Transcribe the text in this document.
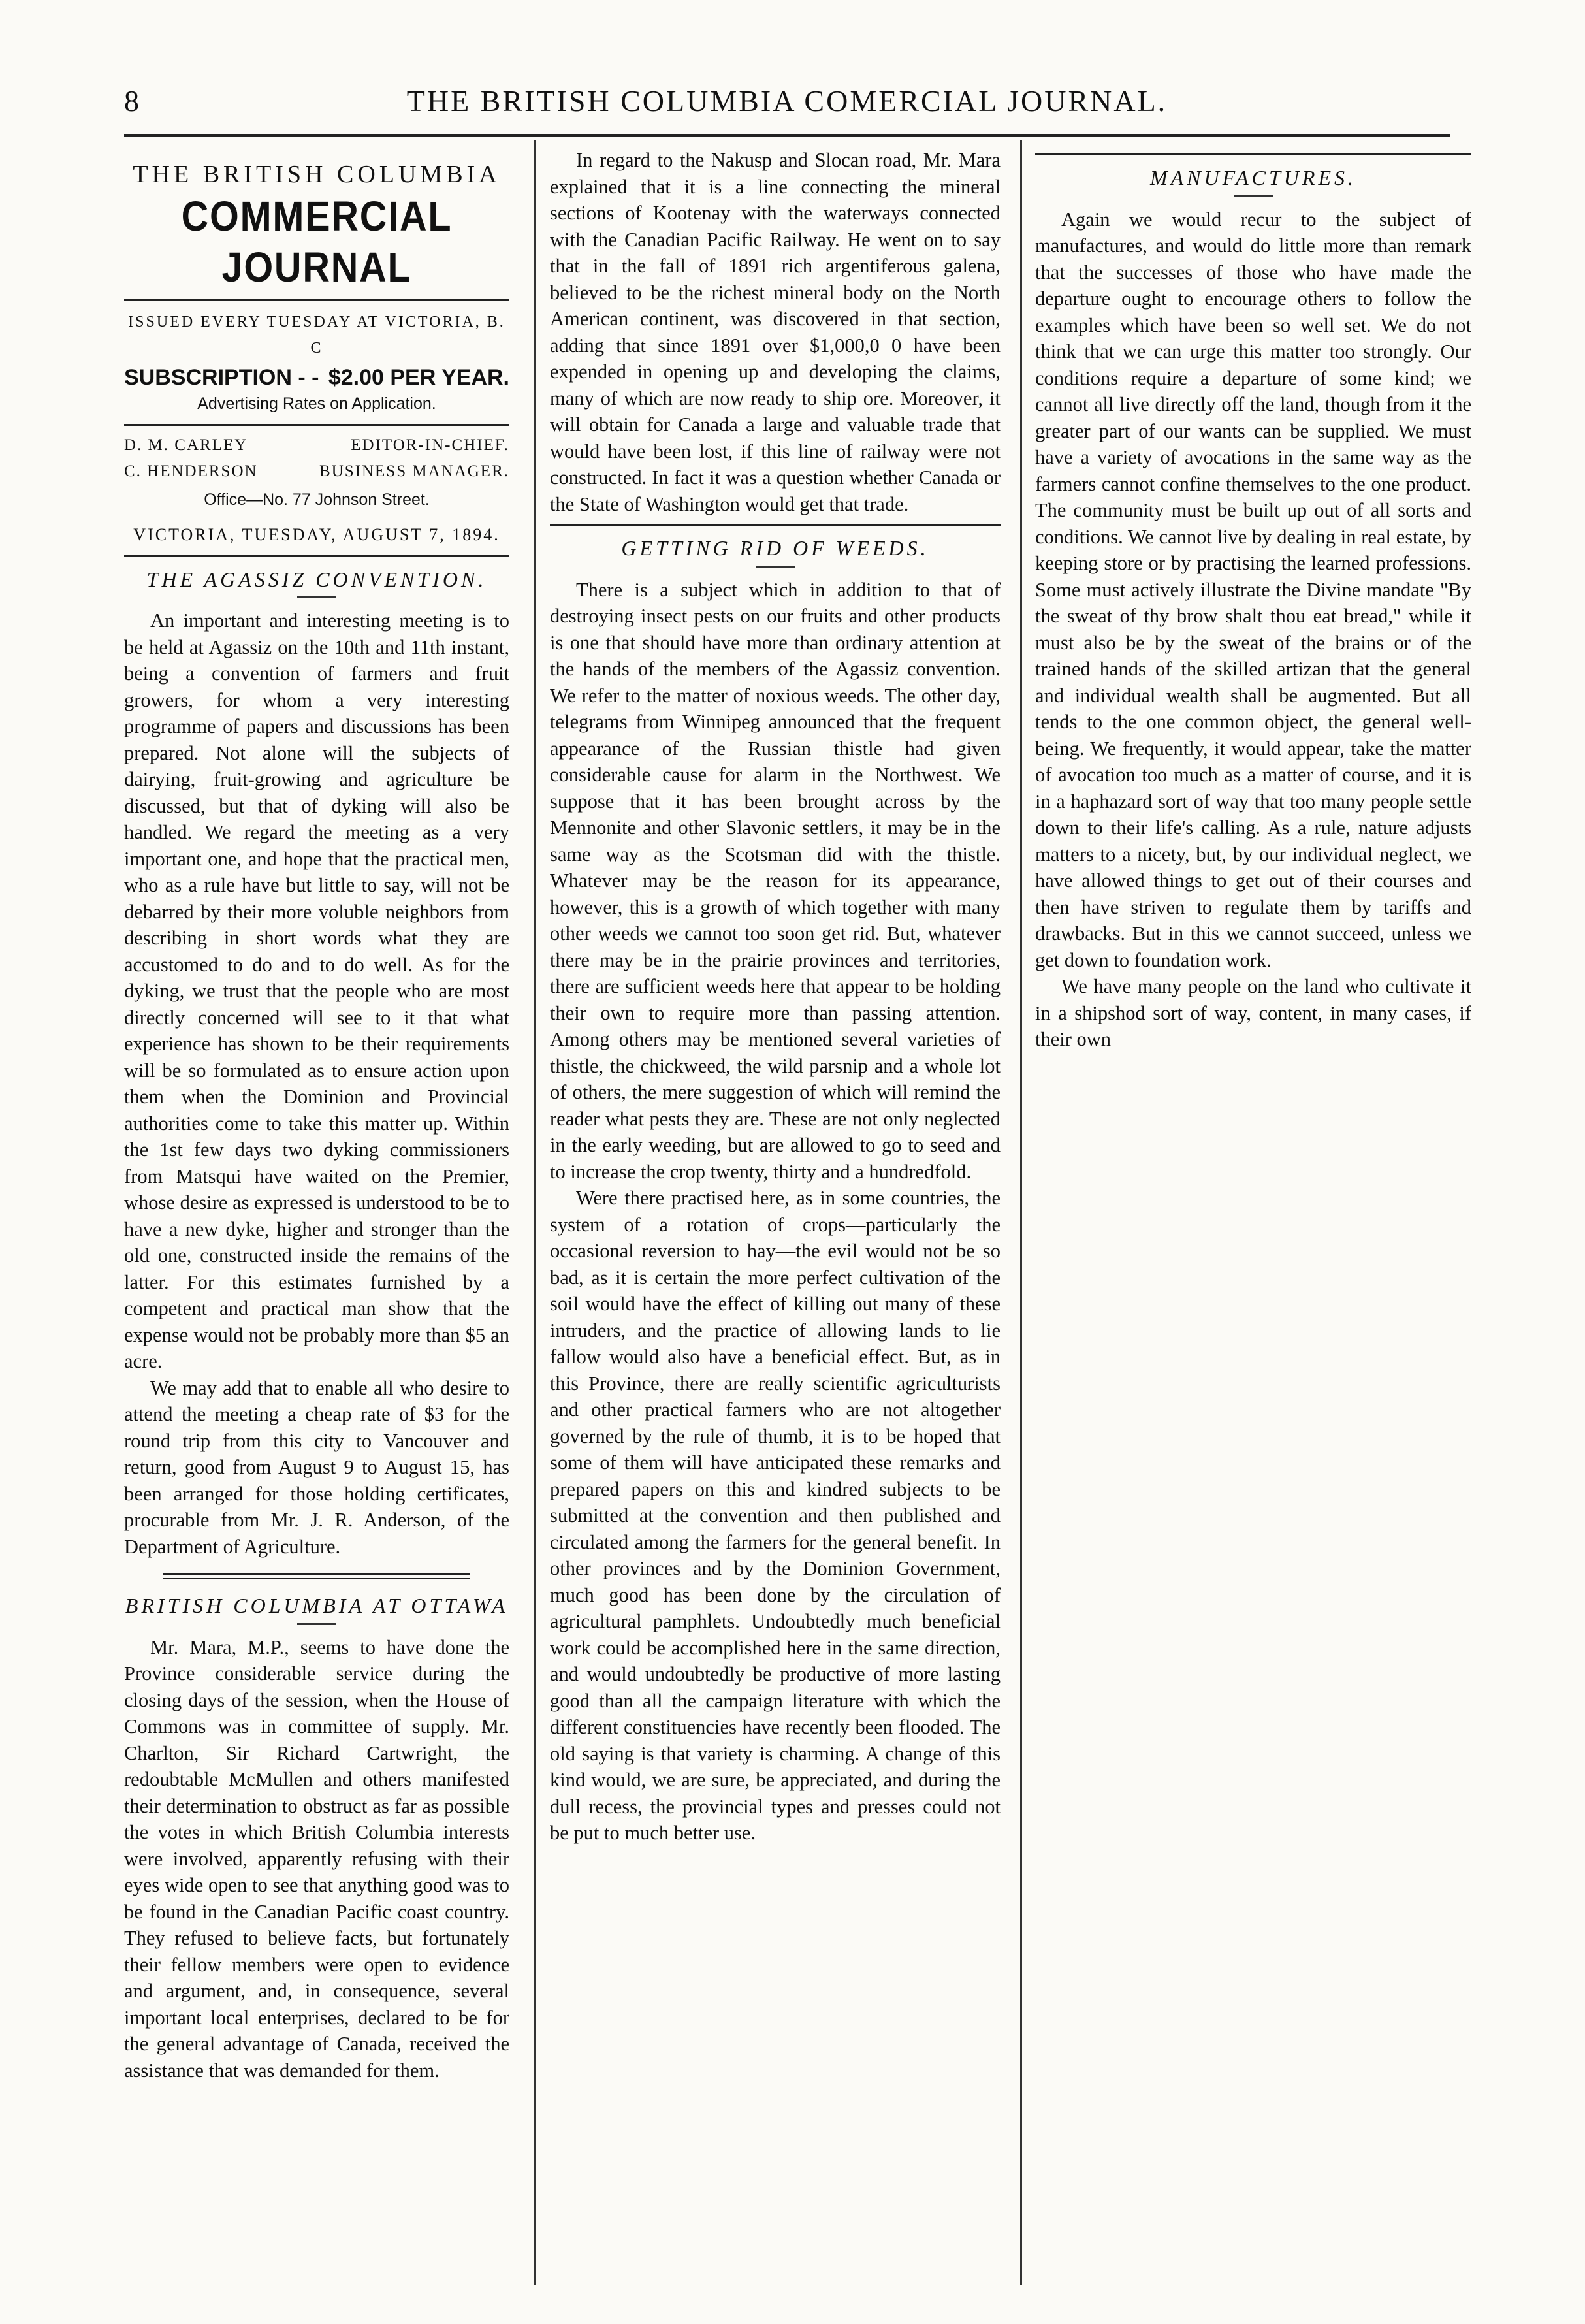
8	THE BRITISH COLUMBIA COMERCIAL JOURNAL.
THE BRITISH COLUMBIA
COMMERCIAL JOURNAL
ISSUED EVERY TUESDAY AT VICTORIA, B. C
SUBSCRIPTION - - $2.00 PER YEAR.
Advertising Rates on Application.
D. M. CARLEY	EDITOR-IN-CHIEF.
C. HENDERSON	BUSINESS MANAGER.
Office—No. 77 Johnson Street.
VICTORIA, TUESDAY, AUGUST 7, 1894.
THE AGASSIZ CONVENTION.

An important and interesting meeting is to be held at Agassiz on the 10th and 11th instant, being a convention of farmers and fruit growers, for whom a very interesting programme of papers and discussions has been prepared. Not alone will the subjects of dairying, fruit-growing and agriculture be discussed, but that of dyking will also be handled. We regard the meeting as a very important one, and hope that the practical men, who as a rule have but little to say, will not be debarred by their more voluble neighbors from describing in short words what they are accustomed to do and to do well. As for the dyking, we trust that the people who are most directly concerned will see to it that what experience has shown to be their requirements will be so formulated as to ensure action upon them when the Dominion and Provincial authorities come to take this matter up. Within the 1st few days two dyking commissioners from Matsqui have waited on the Premier, whose desire as expressed is understood to be to have a new dyke, higher and stronger than the old one, constructed inside the remains of the latter. For this estimates furnished by a competent and practical man show that the expense would not be probably more than $5 an acre.

We may add that to enable all who desire to attend the meeting a cheap rate of $3 for the round trip from this city to Vancouver and return, good from August 9 to August 15, has been arranged for those holding certificates, procurable from Mr. J. R. Anderson, of the Department of Agriculture.

BRITISH COLUMBIA AT OTTAWA

Mr. Mara, M.P., seems to have done the Province considerable service during the closing days of the session, when the House of Commons was in committee of supply. Mr. Charlton, Sir Richard Cartwright, the redoubtable McMullen and others manifested their determination to obstruct as far as possible the votes in which British Columbia interests were involved, apparently refusing with their eyes wide open to see that anything good was to be found in the Canadian Pacific coast country. They refused to believe facts, but fortunately their fellow members were open to evidence and argument, and, in consequence, several important local enterprises, declared to be for the general advantage of Canada, received the assistance that was demanded for them.

In regard to the Nakusp and Slocan road, Mr. Mara explained that it is a line connecting the mineral sections of Kootenay with the waterways connected with the Canadian Pacific Railway. He went on to say that in the fall of 1891 rich argentiferous galena, believed to be the richest mineral body on the North American continent, was discovered in that section, adding that since 1891 over $1,000,0 0 have been expended in opening up and developing the claims, many of which are now ready to ship ore. Moreover, it will obtain for Canada a large and valuable trade that would have been lost, if this line of railway were not constructed. In fact it was a question whether Canada or the State of Washington would get that trade.

GETTING RID OF WEEDS.

There is a subject which in addition to that of destroying insect pests on our fruits and other products is one that should have more than ordinary attention at the hands of the members of the Agassiz convention. We refer to the matter of noxious weeds. The other day, telegrams from Winnipeg announced that the frequent appearance of the Russian thistle had given considerable cause for alarm in the Northwest. We suppose that it has been brought across by the Mennonite and other Slavonic settlers, it may be in the same way as the Scotsman did with the thistle. Whatever may be the reason for its appearance, however, this is a growth of which together with many other weeds we cannot too soon get rid. But, whatever there may be in the prairie provinces and territories, there are sufficient weeds here that appear to be holding their own to require more than passing attention. Among others may be mentioned several varieties of thistle, the chickweed, the wild parsnip and a whole lot of others, the mere suggestion of which will remind the reader what pests they are. These are not only neglected in the early weeding, but are allowed to go to seed and to increase the crop twenty, thirty and a hundredfold.

Were there practised here, as in some countries, the system of a rotation of crops—particularly the occasional reversion to hay—the evil would not be so bad, as it is certain the more perfect cultivation of the soil would have the effect of killing out many of these intruders, and the practice of allowing lands to lie fallow would also have a beneficial effect. But, as in this Province, there are really scientific agriculturists and other practical farmers who are not altogether governed by the rule of thumb, it is to be hoped that some of them will have anticipated these remarks and prepared papers on this and kindred subjects to be submitted at the convention and then published and circulated among the farmers for the general benefit. In other provinces and by the Dominion Government, much good has been done by the circulation of agricultural pamphlets. Undoubtedly much beneficial work could be accomplished here in the same direction, and would undoubtedly be productive of more lasting good than all the campaign literature with which the different constituencies have recently been flooded. The old saying is that variety is charming. A change of this kind would, we are sure, be appreciated, and during the dull recess, the provincial types and presses could not be put to much better use.

MANUFACTURES.

Again we would recur to the subject of manufactures, and would do little more than remark that the successes of those who have made the departure ought to encourage others to follow the examples which have been so well set. We do not think that we can urge this matter too strongly. Our conditions require a departure of some kind; we cannot all live directly off the land, though from it the greater part of our wants can be supplied. We must have a variety of avocations in the same way as the farmers cannot confine themselves to the one product. The community must be built up out of all sorts and conditions. We cannot live by dealing in real estate, by keeping store or by practising the learned professions. Some must actively illustrate the Divine mandate "By the sweat of thy brow shalt thou eat bread," while it must also be by the sweat of the brains or of the trained hands of the skilled artizan that the general and individual wealth shall be augmented. But all tends to the one common object, the general well-being. We frequently, it would appear, take the matter of avocation too much as a matter of course, and it is in a haphazard sort of way that too many people settle down to their life's calling. As a rule, nature adjusts matters to a nicety, but, by our individual neglect, we have allowed things to get out of their courses and then have striven to regulate them by tariffs and drawbacks. But in this we cannot succeed, unless we get down to foundation work.

We have many people on the land who cultivate it in a shipshod sort of way, content, in many cases, if their own
